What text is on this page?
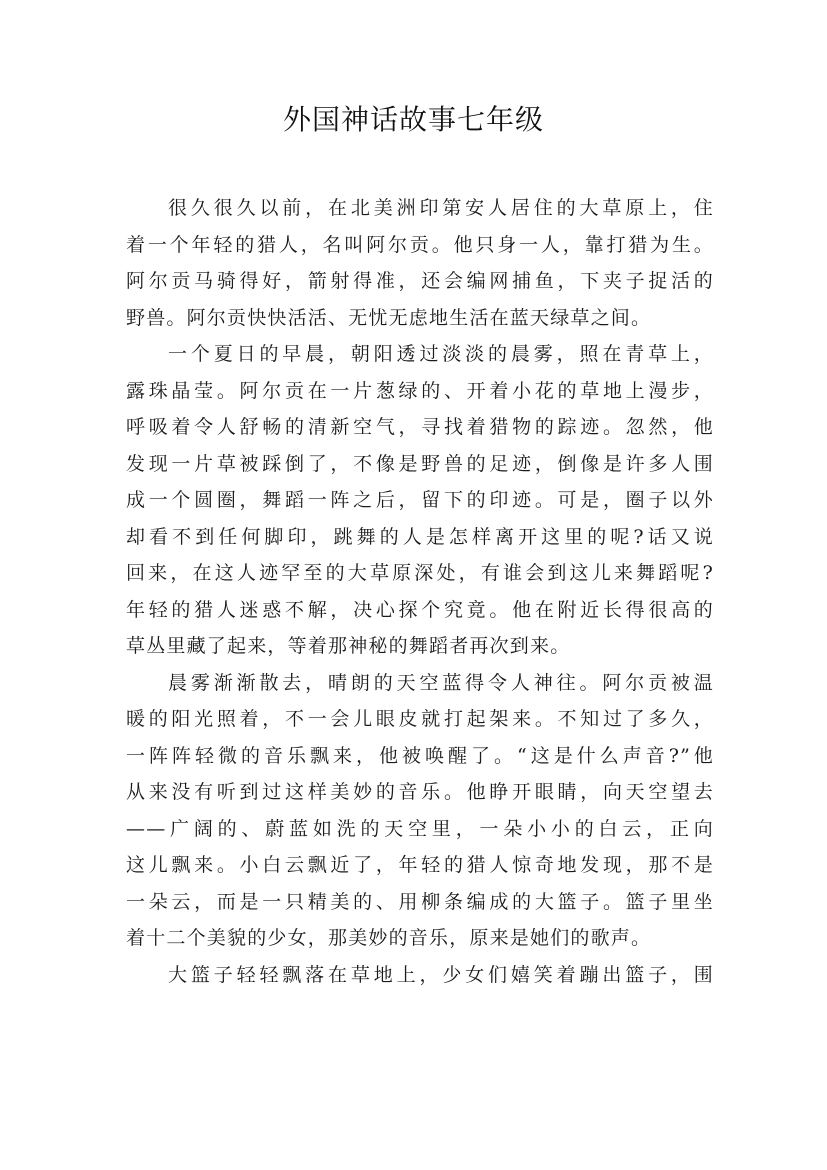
外国神话故事七年级
很久很久以前，在北美洲印第安人居住的大草原上，住
着一个年轻的猎人，名叫阿尔贡。他只身一人，靠打猎为生。
阿尔贡马骑得好，箭射得准，还会编网捕鱼，下夹子捉活的
野兽。阿尔贡快快活活、无忧无虑地生活在蓝天绿草之间。
一个夏日的早晨，朝阳透过淡淡的晨雾，照在青草上，
露珠晶莹。阿尔贡在一片葱绿的、开着小花的草地上漫步，
呼吸着令人舒畅的清新空气，寻找着猎物的踪迹。忽然，他
发现一片草被踩倒了，不像是野兽的足迹，倒像是许多人围
成一个圆圈，舞蹈一阵之后，留下的印迹。可是，圈子以外
却看不到任何脚印，跳舞的人是怎样离开这里的呢?话又说
回来，在这人迹罕至的大草原深处，有谁会到这儿来舞蹈呢?
年轻的猎人迷惑不解，决心探个究竟。他在附近长得很高的
草丛里藏了起来，等着那神秘的舞蹈者再次到来。
晨雾渐渐散去，晴朗的天空蓝得令人神往。阿尔贡被温
暖的阳光照着，不一会儿眼皮就打起架来。不知过了多久，
一阵阵轻微的音乐飘来，他被唤醒了。“这是什么声音?”他
从来没有听到过这样美妙的音乐。他睁开眼睛，向天空望去
——广阔的、蔚蓝如洗的天空里，一朵小小的白云，正向
这儿飘来。小白云飘近了，年轻的猎人惊奇地发现，那不是
一朵云，而是一只精美的、用柳条编成的大篮子。篮子里坐
着十二个美貌的少女，那美妙的音乐，原来是她们的歌声。
大篮子轻轻飘落在草地上，少女们嬉笑着蹦出篮子，围
